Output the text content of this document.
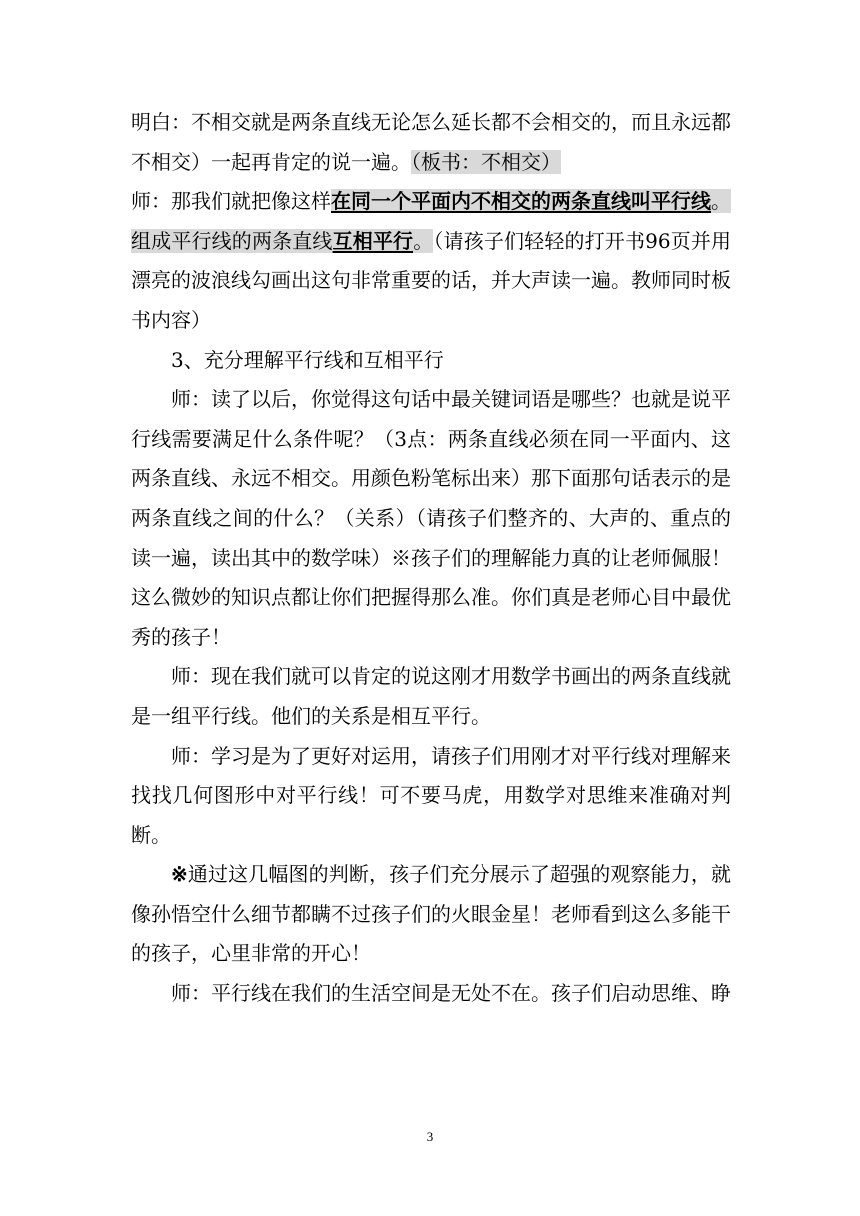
明白：不相交就是两条直线无论怎么延长都不会相交的，而且永远都不相交）一起再肯定的说一遍。（板书：不相交）

师：那我们就把像这样在同一个平面内不相交的两条直线叫平行线。组成平行线的两条直线互相平行。（请孩子们轻轻的打开书96页并用漂亮的波浪线勾画出这句非常重要的话，并大声读一遍。教师同时板书内容）

3、充分理解平行线和互相平行

师：读了以后，你觉得这句话中最关键词语是哪些？也就是说平行线需要满足什么条件呢？（3点：两条直线必须在同一平面内、这两条直线、永远不相交。用颜色粉笔标出来）那下面那句话表示的是两条直线之间的什么？（关系）（请孩子们整齐的、大声的、重点的读一遍，读出其中的数学味）※孩子们的理解能力真的让老师佩服！这么微妙的知识点都让你们把握得那么准。你们真是老师心目中最优秀的孩子！

师：现在我们就可以肯定的说这刚才用数学书画出的两条直线就是一组平行线。他们的关系是相互平行。

师：学习是为了更好对运用，请孩子们用刚才对平行线对理解来找找几何图形中对平行线！可不要马虎，用数学对思维来准确对判断。

※通过这几幅图的判断，孩子们充分展示了超强的观察能力，就像孙悟空什么细节都瞒不过孩子们的火眼金星！老师看到这么多能干的孩子，心里非常的开心！

师：平行线在我们的生活空间是无处不在。孩子们启动思维、睁

3
